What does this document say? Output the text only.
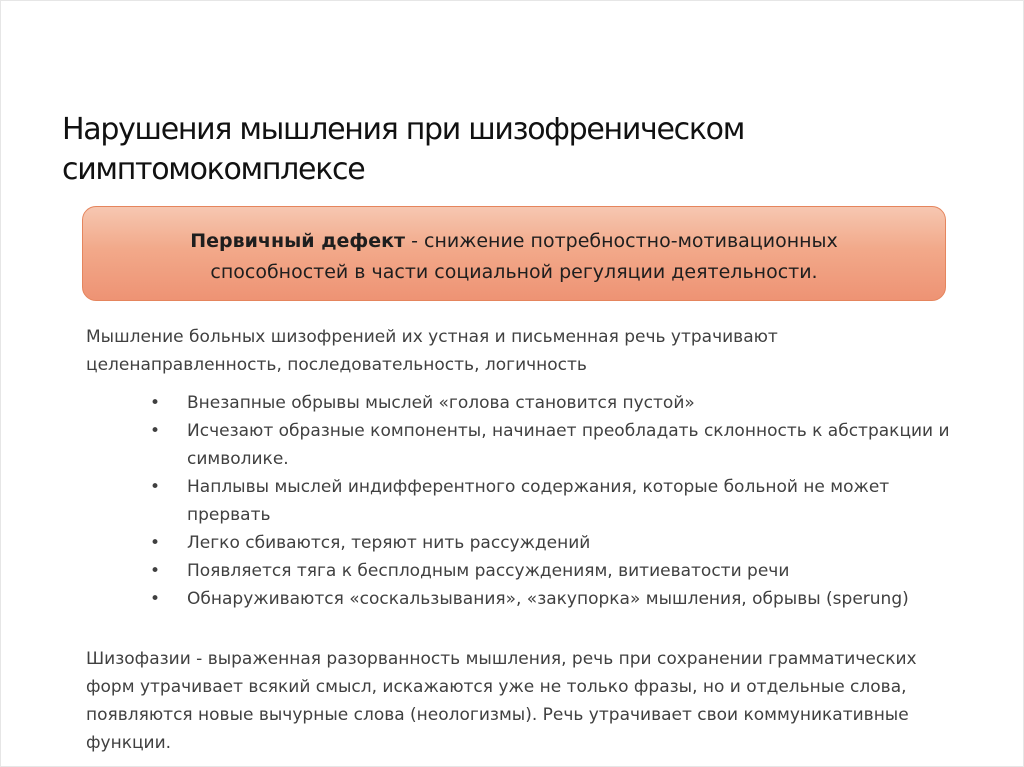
Нарушения мышления при шизофреническом
симптомокомплексе
Первичный дефект - снижение потребностно-мотивационных
способностей в части социальной регуляции деятельности.

Мышление больных шизофренией их устная и письменная речь утрачивают целенаправленность, последовательность, логичность

• Внезапные обрывы мыслей «голова становится пустой»
• Исчезают образные компоненты, начинает преобладать склонность к абстракции и символике.
• Наплывы мыслей индифферентного содержания, которые больной не может прервать
• Легко сбиваются, теряют нить рассуждений
• Появляется тяга к бесплодным рассуждениям, витиеватости речи
• Обнаруживаются «соскальзывания», «закупорка» мышления, обрывы (sperung)

Шизофазии - выраженная разорванность мышления, речь при сохранении грамматических форм утрачивает всякий смысл, искажаются уже не только фразы, но и отдельные слова, появляются новые вычурные слова (неологизмы). Речь утрачивает свои коммуникативные функции.
